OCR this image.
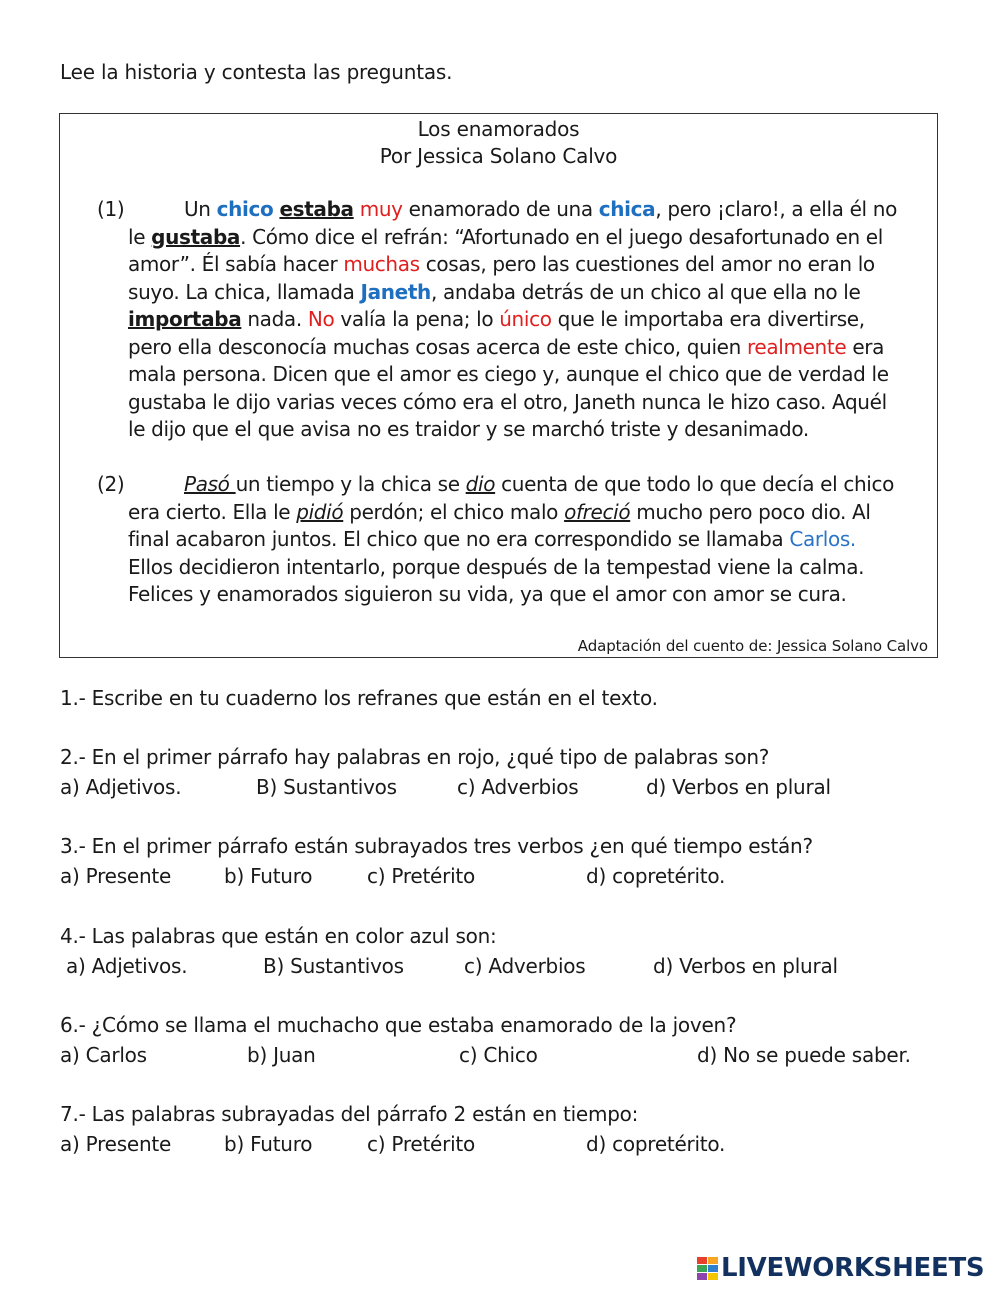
Lee la historia y contesta las preguntas.
Los enamorados
Por Jessica Solano Calvo
(1)	Un chico estaba muy enamorado de una chica, pero ¡claro!, a ella él no
le gustaba. Cómo dice el refrán: “Afortunado en el juego desafortunado en el
amor”. Él sabía hacer muchas cosas, pero las cuestiones del amor no eran lo
suyo. La chica, llamada Janeth, andaba detrás de un chico al que ella no le
importaba nada. No valía la pena; lo único que le importaba era divertirse,
pero ella desconocía muchas cosas acerca de este chico, quien realmente era
mala persona. Dicen que el amor es ciego y, aunque el chico que de verdad le
gustaba le dijo varias veces cómo era el otro, Janeth nunca le hizo caso. Aquél
le dijo que el que avisa no es traidor y se marchó triste y desanimado.
(2)	Pasó un tiempo y la chica se dio cuenta de que todo lo que decía el chico
era cierto. Ella le pidió perdón; el chico malo ofreció mucho pero poco dio. Al
final acabaron juntos. El chico que no era correspondido se llamaba Carlos.
Ellos decidieron intentarlo, porque después de la tempestad viene la calma.
Felices y enamorados siguieron su vida, ya que el amor con amor se cura.
Adaptación del cuento de: Jessica Solano Calvo
1.- Escribe en tu cuaderno los refranes que están en el texto.
2.- En el primer párrafo hay palabras en rojo, ¿qué tipo de palabras son?
a) Adjetivos.	B) Sustantivos	c) Adverbios	d) Verbos en plural
3.- En el primer párrafo están subrayados tres verbos ¿en qué tiempo están?
a) Presente	b) Futuro	c) Pretérito	d) copretérito.
4.- Las palabras que están en color azul son:
a) Adjetivos.	B) Sustantivos	c) Adverbios	d) Verbos en plural
6.- ¿Cómo se llama el muchacho que estaba enamorado de la joven?
a) Carlos	b) Juan	c) Chico	d) No se puede saber.
7.- Las palabras subrayadas del párrafo 2 están en tiempo:
a) Presente	b) Futuro	c) Pretérito	d) copretérito.
LIVEWORKSHEETS
